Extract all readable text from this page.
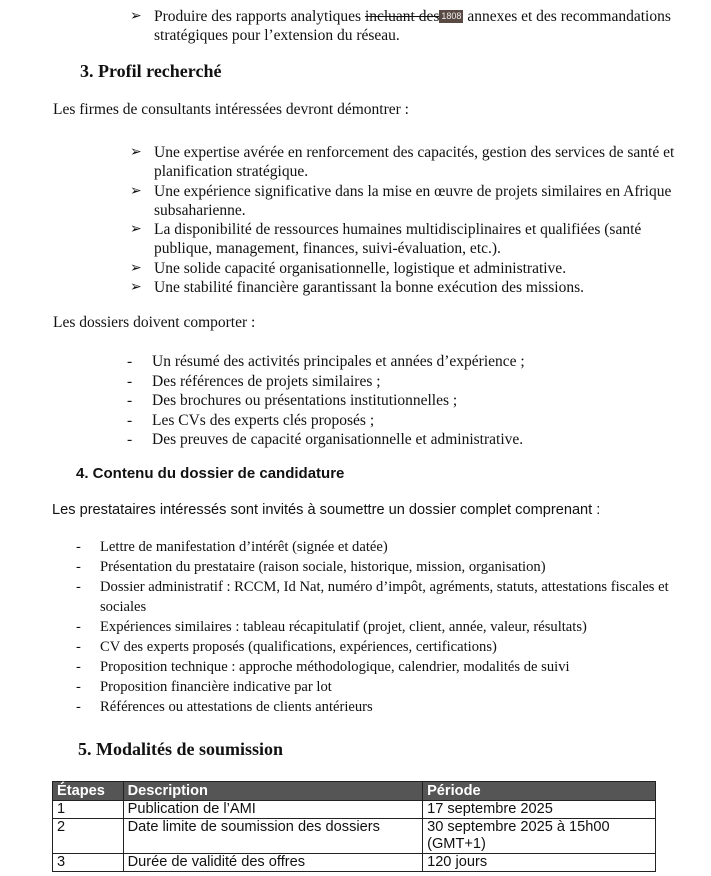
➢ Produire des rapports analytiques incluant des 1808 annexes et des recommandations
stratégiques pour l’extension du réseau.
3. Profil recherché
Les firmes de consultants intéressées devront démontrer :
➢ Une expertise avérée en renforcement des capacités, gestion des services de santé et planification stratégique.
➢ Une expérience significative dans la mise en œuvre de projets similaires en Afrique subsaharienne.
➢ La disponibilité de ressources humaines multidisciplinaires et qualifiées (santé publique, management, finances, suivi-évaluation, etc.).
➢ Une solide capacité organisationnelle, logistique et administrative.
➢ Une stabilité financière garantissant la bonne exécution des missions.
Les dossiers doivent comporter :
- Un résumé des activités principales et années d’expérience ;
- Des références de projets similaires ;
- Des brochures ou présentations institutionnelles ;
- Les CVs des experts clés proposés ;
- Des preuves de capacité organisationnelle et administrative.
4. Contenu du dossier de candidature
Les prestataires intéressés sont invités à soumettre un dossier complet comprenant :
- Lettre de manifestation d’intérêt (signée et datée)
- Présentation du prestataire (raison sociale, historique, mission, organisation)
- Dossier administratif : RCCM, Id Nat, numéro d’impôt, agréments, statuts, attestations fiscales et sociales
- Expériences similaires : tableau récapitulatif (projet, client, année, valeur, résultats)
- CV des experts proposés (qualifications, expériences, certifications)
- Proposition technique : approche méthodologique, calendrier, modalités de suivi
- Proposition financière indicative par lot
- Références ou attestations de clients antérieurs
5. Modalités de soumission
Étapes	Description	Période
1	Publication de l’AMI	17 septembre 2025
2	Date limite de soumission des dossiers	30 septembre 2025 à 15h00 (GMT+1)
3	Durée de validité des offres	120 jours
